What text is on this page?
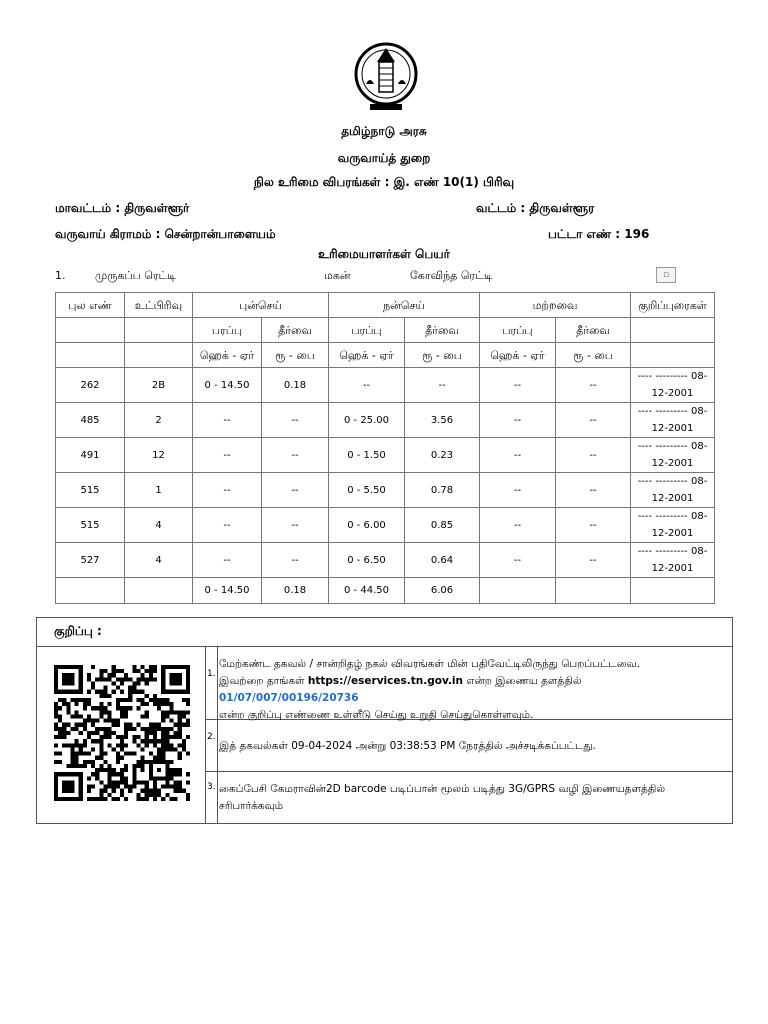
தமிழ்நாடு அரசு
வருவாய்த் துறை
நில உரிமை விபரங்கள் : இ. எண் 10(1) பிரிவு
மாவட்டம் : திருவள்ளூர்	வட்டம் : திருவள்ளூர
வருவாய் கிராமம் : சென்றான்பாளையம்	பட்டா எண் : 196
உரிமையாளர்கள் பெயர்
1.	முருகப்ப ரெட்டி	மகன்	கோவிந்த ரெட்டி	▫
புல எண்	உட்பிரிவு	புன்செய்		நன்செய்		மற்றவை		குறிப்புரைகள்
		பரப்பு	தீர்வை	பரப்பு	தீர்வை	பரப்பு	தீர்வை	
		ஹெக் - ஏர்	ரூ - பை	ஹெக் - ஏர்	ரூ - பை	ஹெக் - ஏர்	ரூ - பை	
262	2B	0 - 14.50	0.18	--	--	--	--	---- --------- 08-12-2001
485	2	--	--	0 - 25.00	3.56	--	--	---- --------- 08-12-2001
491	12	--	--	0 - 1.50	0.23	--	--	---- --------- 08-12-2001
515	1	--	--	0 - 5.50	0.78	--	--	---- --------- 08-12-2001
515	4	--	--	0 - 6.00	0.85	--	--	---- --------- 08-12-2001
527	4	--	--	0 - 6.50	0.64	--	--	---- --------- 08-12-2001
		0 - 14.50	0.18	0 - 44.50	6.06			
குறிப்பு :
1.
மேற்கண்ட தகவல் / சான்றிதழ் நகல் விவரங்கள் மின் பதிவேட்டிலிருந்து பெறப்பட்டவை.
இவற்றை தாங்கள் https://eservices.tn.gov.in என்ற இணைய தளத்தில் 01/07/007/00196/20736
என்ற குறிப்பு எண்ணை உள்ளீடு செய்து உறுதி செய்துகொள்ளவும்.
2.
இத் தகவல்கள் 09-04-2024 அன்று 03:38:53 PM நேரத்தில் அச்சடிக்கப்பட்டது.
3. கைப்பேசி கேமராவின்2D barcode படிப்பான் மூலம் படித்து 3G/GPRS வழி இணையதளத்தில் சரிபார்க்கவும்
